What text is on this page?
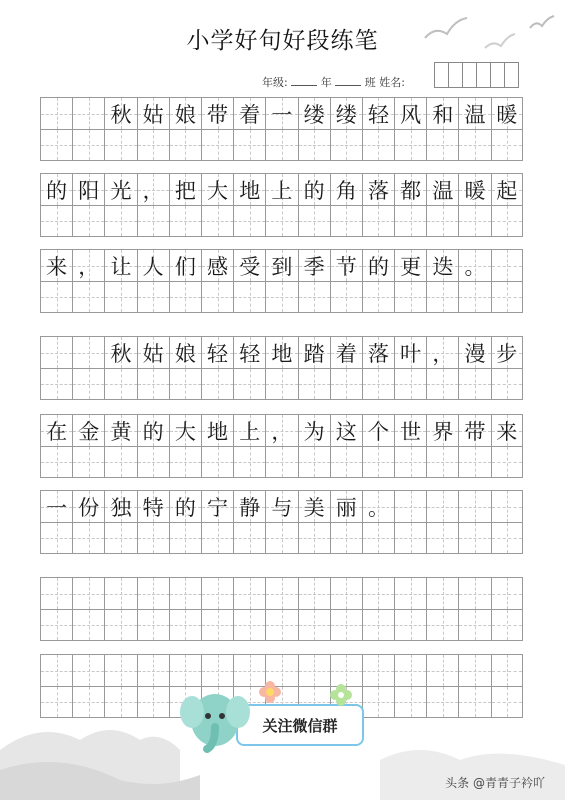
小学好句好段练笔
年级:	年	班 姓名:
秋 姑 娘 带 着 一 缕 缕 轻 风 和 温 暖
的 阳 光 ， 把 大 地 上 的 角 落 都 温 暖 起
来 ， 让 人 们 感 受 到 季 节 的 更 迭 。
秋 姑 娘 轻 轻 地 踏 着 落 叶 ， 漫 步
在 金 黄 的 大 地 上 ， 为 这 个 世 界 带 来
一 份 独 特 的 宁 静 与 美 丽 。
关注微信群
头条 @青青子衿吖
